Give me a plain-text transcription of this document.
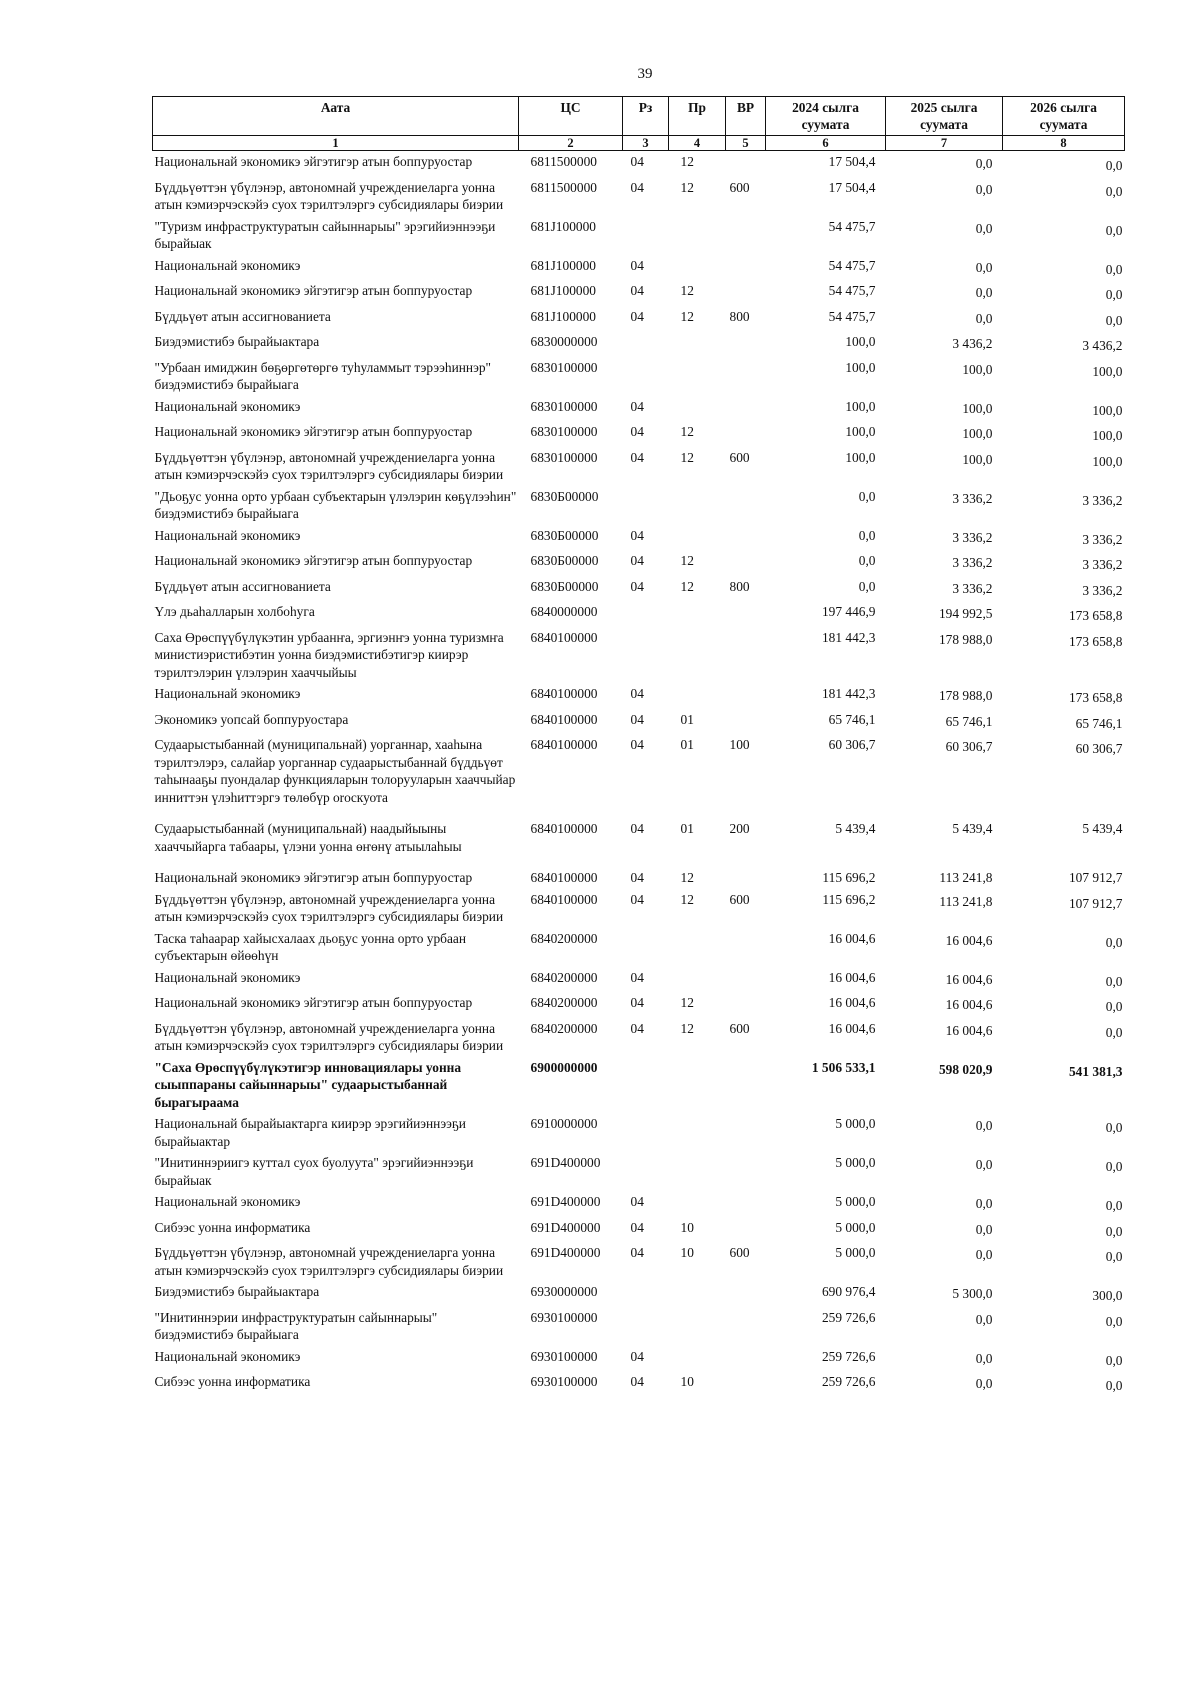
39
Аата	ЦС	Рз	Пр	ВР	2024 сылга суумата	2025 сылга суумата	2026 сылга суумата
1	2	3	4	5	6	7	8
Национальнай экономикэ эйгэтигэр атын боппуруостар	6811500000	04	12		17 504,4	0,0	0,0
Бүддьүөттэн үбүлэнэр, автономнай учреждениеларга уонна атын кэмиэрчэскэйэ суох тэрилтэлэргэ субсидиялары биэрии	6811500000	04	12	600	17 504,4	0,0	0,0
"Туризм инфраструктуратын сайыннарыы" эрэгийиэннээҕи бырайыак	681J100000				54 475,7	0,0	0,0
Национальнай экономикэ	681J100000	04			54 475,7	0,0	0,0
Национальнай экономикэ эйгэтигэр атын боппуруостар	681J100000	04	12		54 475,7	0,0	0,0
Бүддьүөт атын ассигнованиета	681J100000	04	12	800	54 475,7	0,0	0,0
Биэдэмистибэ бырайыактара	6830000000				100,0	3 436,2	3 436,2
"Урбаан имиджин бөҕөргөтөргө туһуламмыт тэрээһиннэр" биэдэмистибэ бырайыага	6830100000				100,0	100,0	100,0
Национальнай экономикэ	6830100000	04			100,0	100,0	100,0
Национальнай экономикэ эйгэтигэр атын боппуруостар	6830100000	04	12		100,0	100,0	100,0
Бүддьүөттэн үбүлэнэр, автономнай учреждениеларга уонна атын кэмиэрчэскэйэ суох тэрилтэлэргэ субсидиялары биэрии	6830100000	04	12	600	100,0	100,0	100,0
"Дьоҕус уонна орто урбаан субъектарын үлэлэрин көҕүлээһин" биэдэмистибэ бырайыага	6830Б00000				0,0	3 336,2	3 336,2
Национальнай экономикэ	6830Б00000	04			0,0	3 336,2	3 336,2
Национальнай экономикэ эйгэтигэр атын боппуруостар	6830Б00000	04	12		0,0	3 336,2	3 336,2
Бүддьүөт атын ассигнованиета	6830Б00000	04	12	800	0,0	3 336,2	3 336,2
Үлэ дьаһалларын холбоһуга	6840000000				197 446,9	194 992,5	173 658,8
Саха Өрөспүүбүлүкэтин урбаанҥа, эргиэнҥэ уонна туризмҥа министиэристибэтин уонна биэдэмистибэтигэр киирэр тэрилтэлэрин үлэлэрин хааччыйыы	6840100000				181 442,3	178 988,0	173 658,8
Национальнай экономикэ	6840100000	04			181 442,3	178 988,0	173 658,8
Экономикэ уопсай боппуруостара	6840100000	04	01		65 746,1	65 746,1	65 746,1
Судаарыстыбаннай (муниципальнай) уорганнар, хааһына тэрилтэлэрэ, салайар уорганнар судаарыстыбаннай бүддьүөт таһынааҕы пуондалар функцияларын толорууларын хааччыйар инниттэн үлэһиттэргэ төлөбүр оroскуота	6840100000	04	01	100	60 306,7	60 306,7	60 306,7
Судаарыстыбаннай (муниципальнай) наадыйыыны хааччыйарга табаары, үлэни уонна өҥөнү атыылаһыы	6840100000	04	01	200	5 439,4	5 439,4	5 439,4
Национальнай экономикэ эйгэтигэр атын боппуруостар	6840100000	04	12		115 696,2	113 241,8	107 912,7
Бүддьүөттэн үбүлэнэр, автономнай учреждениеларга уонна атын кэмиэрчэскэйэ суох тэрилтэлэргэ субсидиялары биэрии	6840100000	04	12	600	115 696,2	113 241,8	107 912,7
Таска таһаарар хайысхалаах дьоҕус уонна орто урбаан субъектарын өйөөһүн	6840200000				16 004,6	16 004,6	0,0
Национальнай экономикэ	6840200000	04			16 004,6	16 004,6	0,0
Национальнай экономикэ эйгэтигэр атын боппуруостар	6840200000	04	12		16 004,6	16 004,6	0,0
Бүддьүөттэн үбүлэнэр, автономнай учреждениеларга уонна атын кэмиэрчэскэйэ суох тэрилтэлэргэ субсидиялары биэрии	6840200000	04	12	600	16 004,6	16 004,6	0,0
"Саха Өрөспүүбүлүкэтигэр инновациялары уонна сыыппараны сайыннарыы" судаарыстыбаннай бырагыраама	6900000000				1 506 533,1	598 020,9	541 381,3
Национальнай бырайыактарга киирэр эрэгийиэннээҕи бырайыактар	6910000000				5 000,0	0,0	0,0
"Инитиннэриигэ куттал суох буолуута" эрэгийиэннээҕи бырайыак	691D400000				5 000,0	0,0	0,0
Национальнай экономикэ	691D400000	04			5 000,0	0,0	0,0
Сибээс уонна информатика	691D400000	04	10		5 000,0	0,0	0,0
Бүддьүөттэн үбүлэнэр, автономнай учреждениеларга уонна атын кэмиэрчэскэйэ суох тэрилтэлэргэ субсидиялары биэрии	691D400000	04	10	600	5 000,0	0,0	0,0
Биэдэмистибэ бырайыактара	6930000000				690 976,4	5 300,0	300,0
"Инитиннэрии инфраструктуратын сайыннарыы" биэдэмистибэ бырайыага	6930100000				259 726,6	0,0	0,0
Национальнай экономикэ	6930100000	04			259 726,6	0,0	0,0
Сибээс уонна информатика	6930100000	04	10		259 726,6	0,0	0,0
